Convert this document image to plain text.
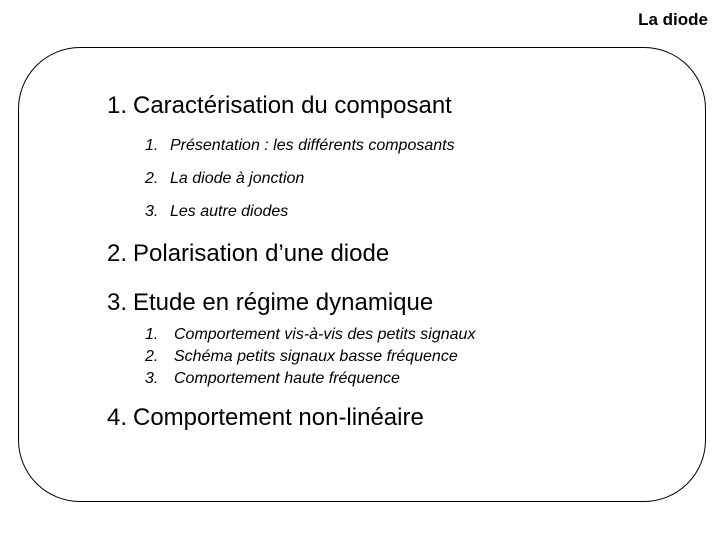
La diode
1. Caractérisation du composant
1. Présentation : les différents composants
2. La diode à jonction
3. Les autre diodes
2. Polarisation d’une diode
3. Etude en régime dynamique
1. Comportement vis-à-vis des petits signaux
2. Schéma petits signaux basse fréquence
3. Comportement haute fréquence
4. Comportement non-linéaire
